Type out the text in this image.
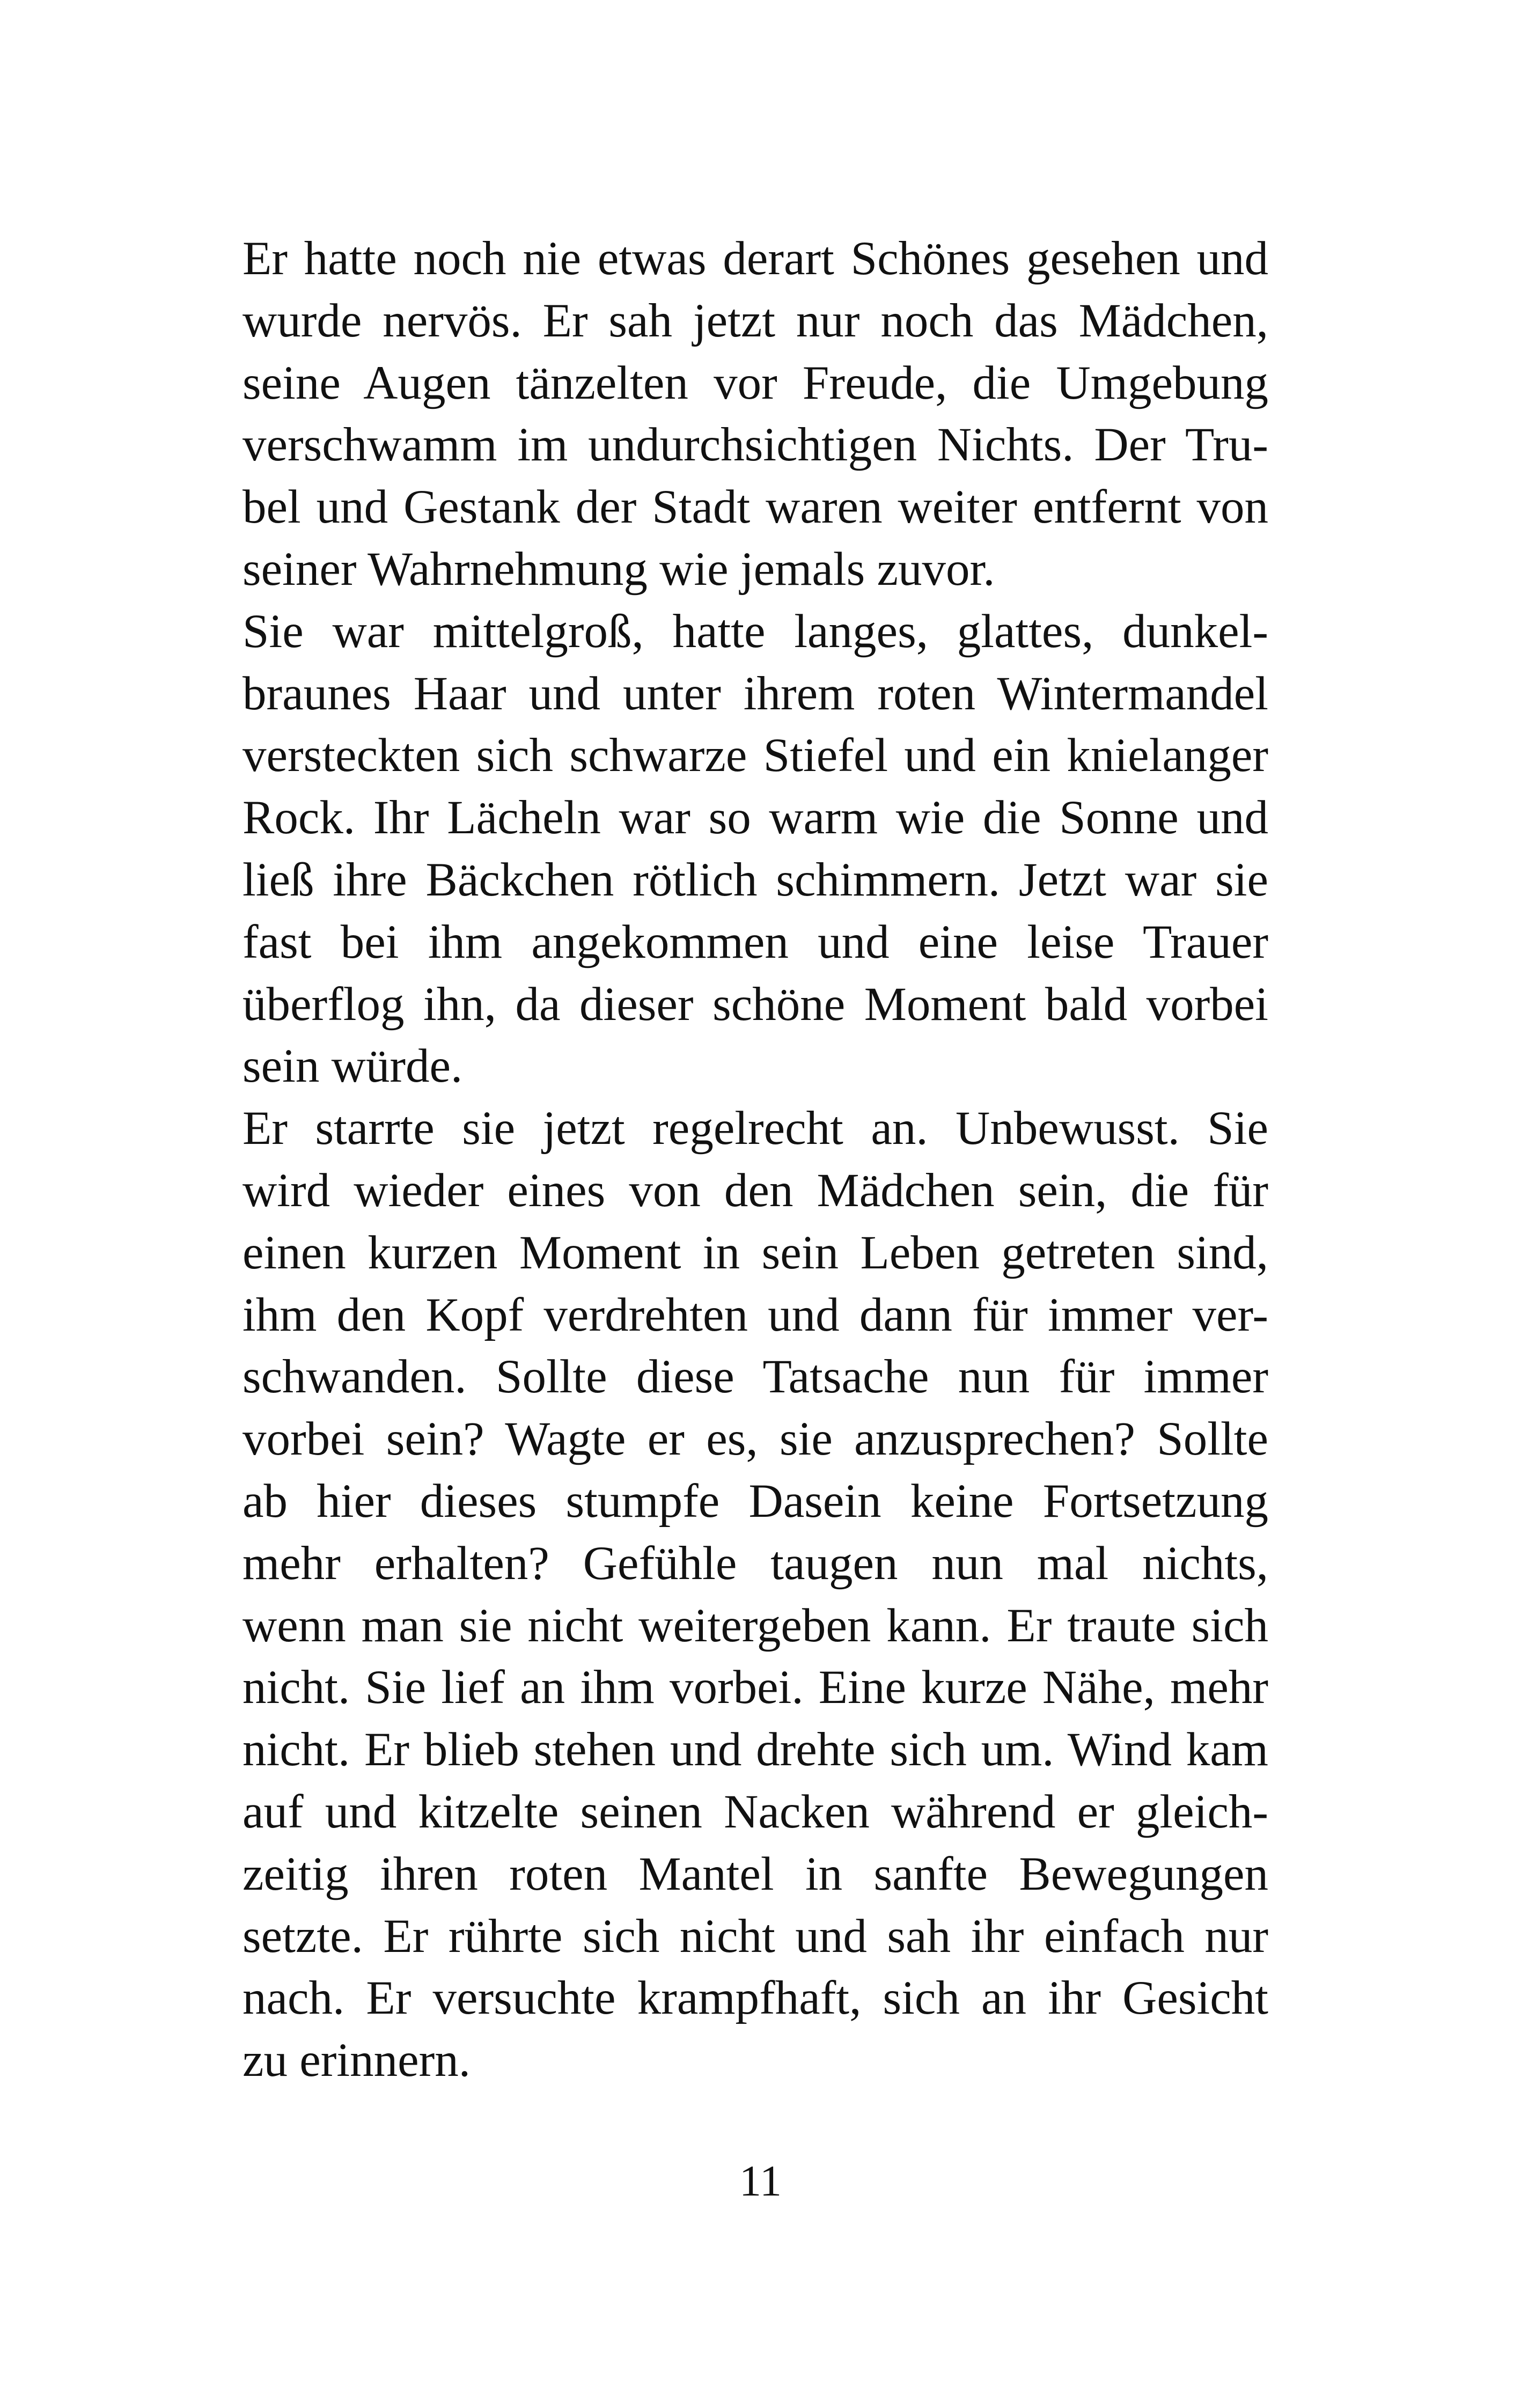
Er hatte noch nie etwas derart Schönes gesehen und
wurde nervös. Er sah jetzt nur noch das Mädchen,
seine Augen tänzelten vor Freude, die Umgebung
verschwamm im undurchsichtigen Nichts. Der Tru-
bel und Gestank der Stadt waren weiter entfernt von
seiner Wahrnehmung wie jemals zuvor.
Sie war mittelgroß, hatte langes, glattes, dunkel-
braunes Haar und unter ihrem roten Wintermandel
versteckten sich schwarze Stiefel und ein knielanger
Rock. Ihr Lächeln war so warm wie die Sonne und
ließ ihre Bäckchen rötlich schimmern. Jetzt war sie
fast bei ihm angekommen und eine leise Trauer
überflog ihn, da dieser schöne Moment bald vorbei
sein würde.
Er starrte sie jetzt regelrecht an. Unbewusst. Sie
wird wieder eines von den Mädchen sein, die für
einen kurzen Moment in sein Leben getreten sind,
ihm den Kopf verdrehten und dann für immer ver-
schwanden. Sollte diese Tatsache nun für immer
vorbei sein? Wagte er es, sie anzusprechen? Sollte
ab hier dieses stumpfe Dasein keine Fortsetzung
mehr erhalten? Gefühle taugen nun mal nichts,
wenn man sie nicht weitergeben kann. Er traute sich
nicht. Sie lief an ihm vorbei. Eine kurze Nähe, mehr
nicht. Er blieb stehen und drehte sich um. Wind kam
auf und kitzelte seinen Nacken während er gleich-
zeitig ihren roten Mantel in sanfte Bewegungen
setzte. Er rührte sich nicht und sah ihr einfach nur
nach. Er versuchte krampfhaft, sich an ihr Gesicht
zu erinnern.
11
